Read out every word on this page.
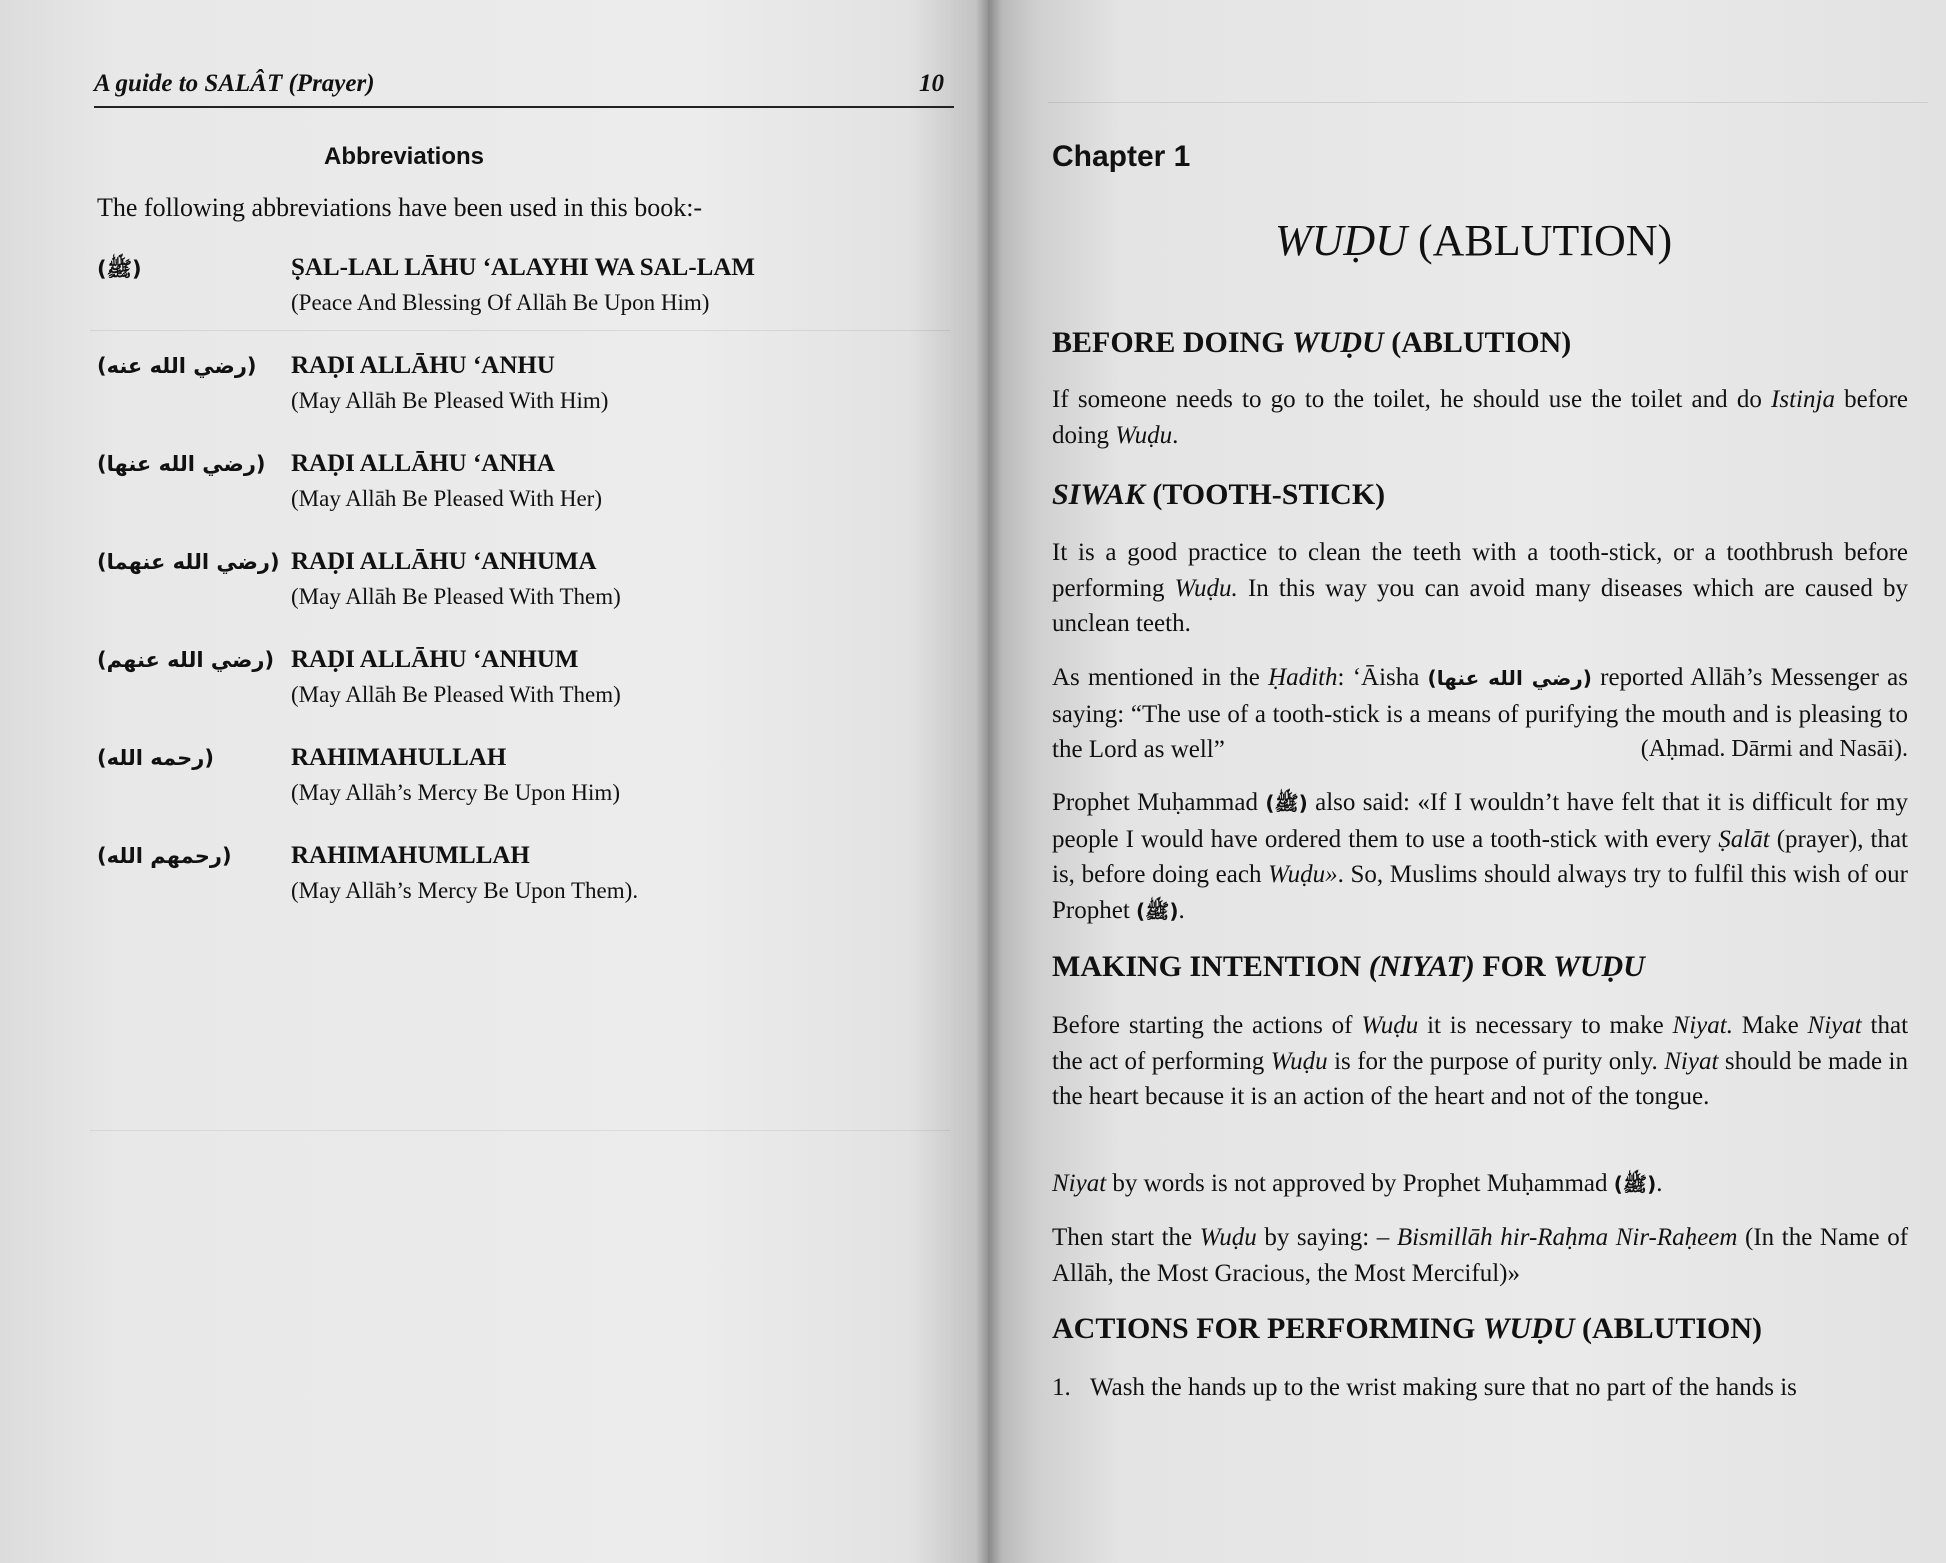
A guide to SALÂT (Prayer)	10
Abbreviations
The following abbreviations have been used in this book:-
(ﷺ)	ṢAL-LAL LĀHU ‘ALAYHI WA SAL-LAM
(Peace And Blessing Of Allāh Be Upon Him)
(رضي الله عنه)	RAḌI ALLĀHU ‘ANHU
(May Allāh Be Pleased With Him)
(رضي الله عنها)	RAḌI ALLĀHU ‘ANHA
(May Allāh Be Pleased With Her)
(رضي الله عنهما) RAḌI ALLĀHU ‘ANHUMA
(May Allāh Be Pleased With Them)
(رضي الله عنهم) RAḌI ALLĀHU ‘ANHUM
(May Allāh Be Pleased With Them)
(رحمه الله)	RAHIMAHULLAH
(May Allāh’s Mercy Be Upon Him)
(رحمهم الله)	RAHIMAHUMLLAH
(May Allāh’s Mercy Be Upon Them).
Chapter 1
WUḌU (ABLUTION)
BEFORE DOING WUḌU (ABLUTION)

If someone needs to go to the toilet, he should use the toilet and do Istinja before doing Wuḍu.

SIWAK (TOOTH-STICK)

It is a good practice to clean the teeth with a tooth-stick, or a toothbrush before performing Wuḍu. In this way you can avoid many diseases which are caused by unclean teeth.

As mentioned in the Ḥadith: ‘Āisha (رضي الله عنها) reported Allāh’s Messenger as saying: “The use of a tooth-stick is a means of purifying the mouth and is pleasing to the Lord as well”	(Aḥmad. Dārmi and Nasāi).

Prophet Muḥammad (ﷺ) also said: «If I wouldn’t have felt that it is difficult for my people I would have ordered them to use a tooth-stick with every Ṣalāt (prayer), that is, before doing each Wuḍu». So, Muslims should always try to fulfil this wish of our Prophet (ﷺ).

MAKING INTENTION (NIYAT) FOR WUḌU

Before starting the actions of Wuḍu it is necessary to make Niyat. Make Niyat that the act of performing Wuḍu is for the purpose of purity only. Niyat should be made in the heart because it is an action of the heart and not of the tongue.

Niyat by words is not approved by Prophet Muḥammad (ﷺ).

Then start the Wuḍu by saying: – Bismillāh hir-Raḥma Nir-Raḥeem (In the Name of Allāh, the Most Gracious, the Most Merciful)»

ACTIONS FOR PERFORMING WUḌU (ABLUTION)

1. Wash the hands up to the wrist making sure that no part of the hands is
